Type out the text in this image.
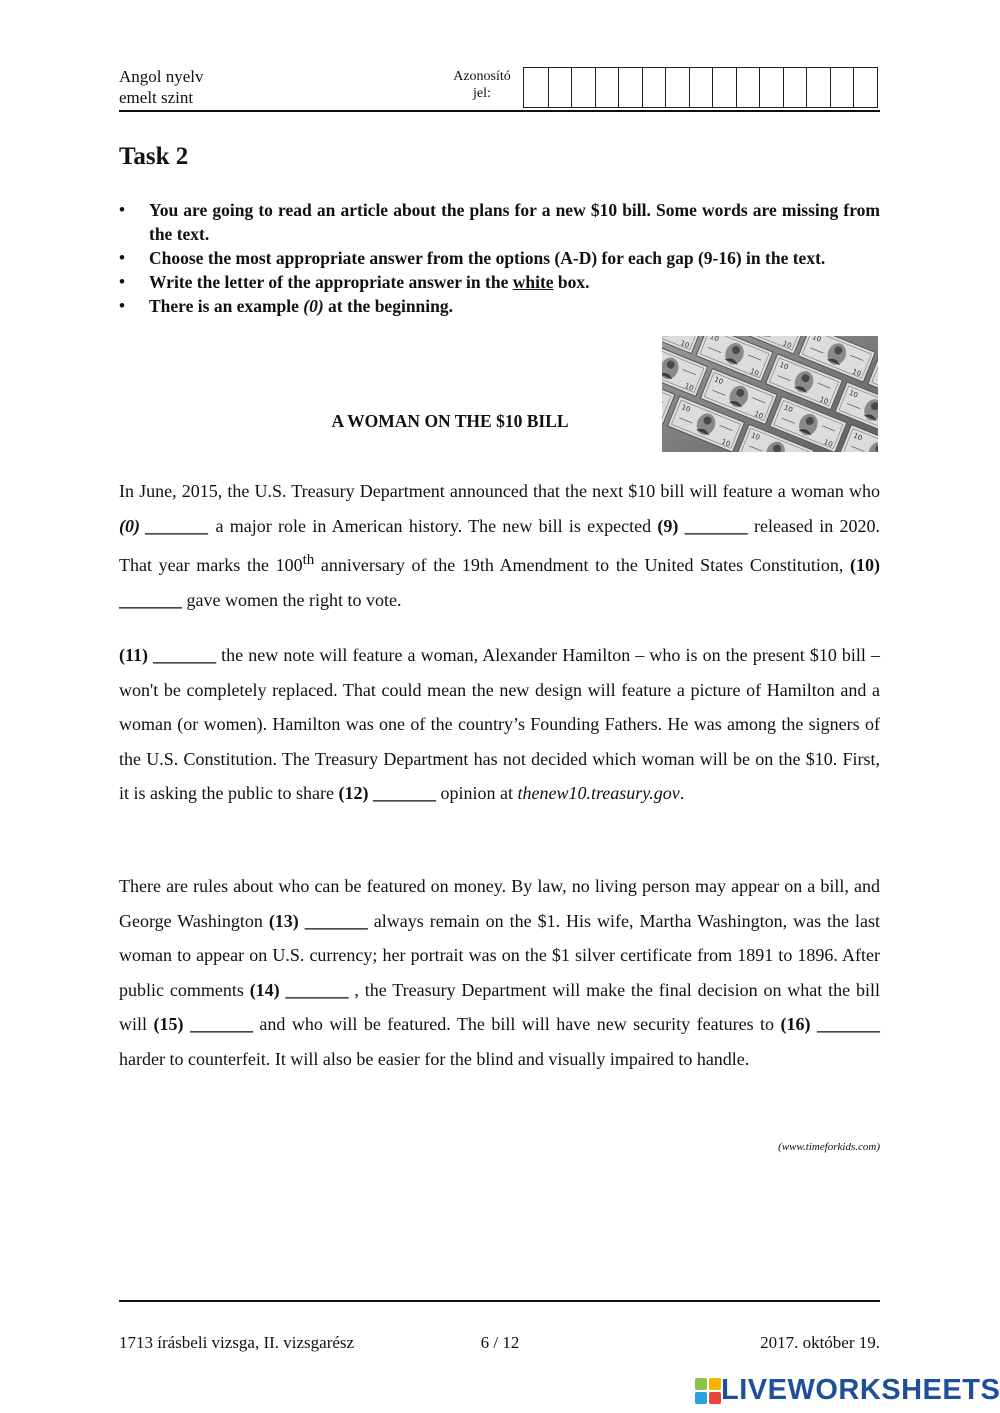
Angol nyelv
emelt szint
Azonosító
jel:
Task 2
• You are going to read an article about the plans for a new $10 bill. Some words are missing from the text.
• Choose the most appropriate answer from the options (A-D) for each gap (9-16) in the text.
• Write the letter of the appropriate answer in the white box.
• There is an example (0) at the beginning.
A WOMAN ON THE $10 BILL
In June, 2015, the U.S. Treasury Department announced that the next $10 bill will feature a woman who (0) _______ a major role in American history. The new bill is expected (9) _______ released in 2020. That year marks the 100th anniversary of the 19th Amendment to the United States Constitution, (10) _______ gave women the right to vote.
(11) _______ the new note will feature a woman, Alexander Hamilton – who is on the present $10 bill – won't be completely replaced. That could mean the new design will feature a picture of Hamilton and a woman (or women). Hamilton was one of the country’s Founding Fathers. He was among the signers of the U.S. Constitution. The Treasury Department has not decided which woman will be on the $10. First, it is asking the public to share (12) _______ opinion at thenew10.treasury.gov.
There are rules about who can be featured on money. By law, no living person may appear on a bill, and George Washington (13) _______ always remain on the $1. His wife, Martha Washington, was the last woman to appear on U.S. currency; her portrait was on the $1 silver certificate from 1891 to 1896. After public comments (14) _______ , the Treasury Department will make the final decision on what the bill will (15) _______ and who will be featured. The bill will have new security features to (16) _______ harder to counterfeit. It will also be easier for the blind and visually impaired to handle.
(www.timeforkids.com)
1713 írásbeli vizsga, II. vizsgarész	6 / 12	2017. október 19.
LIVEWORKSHEETS
